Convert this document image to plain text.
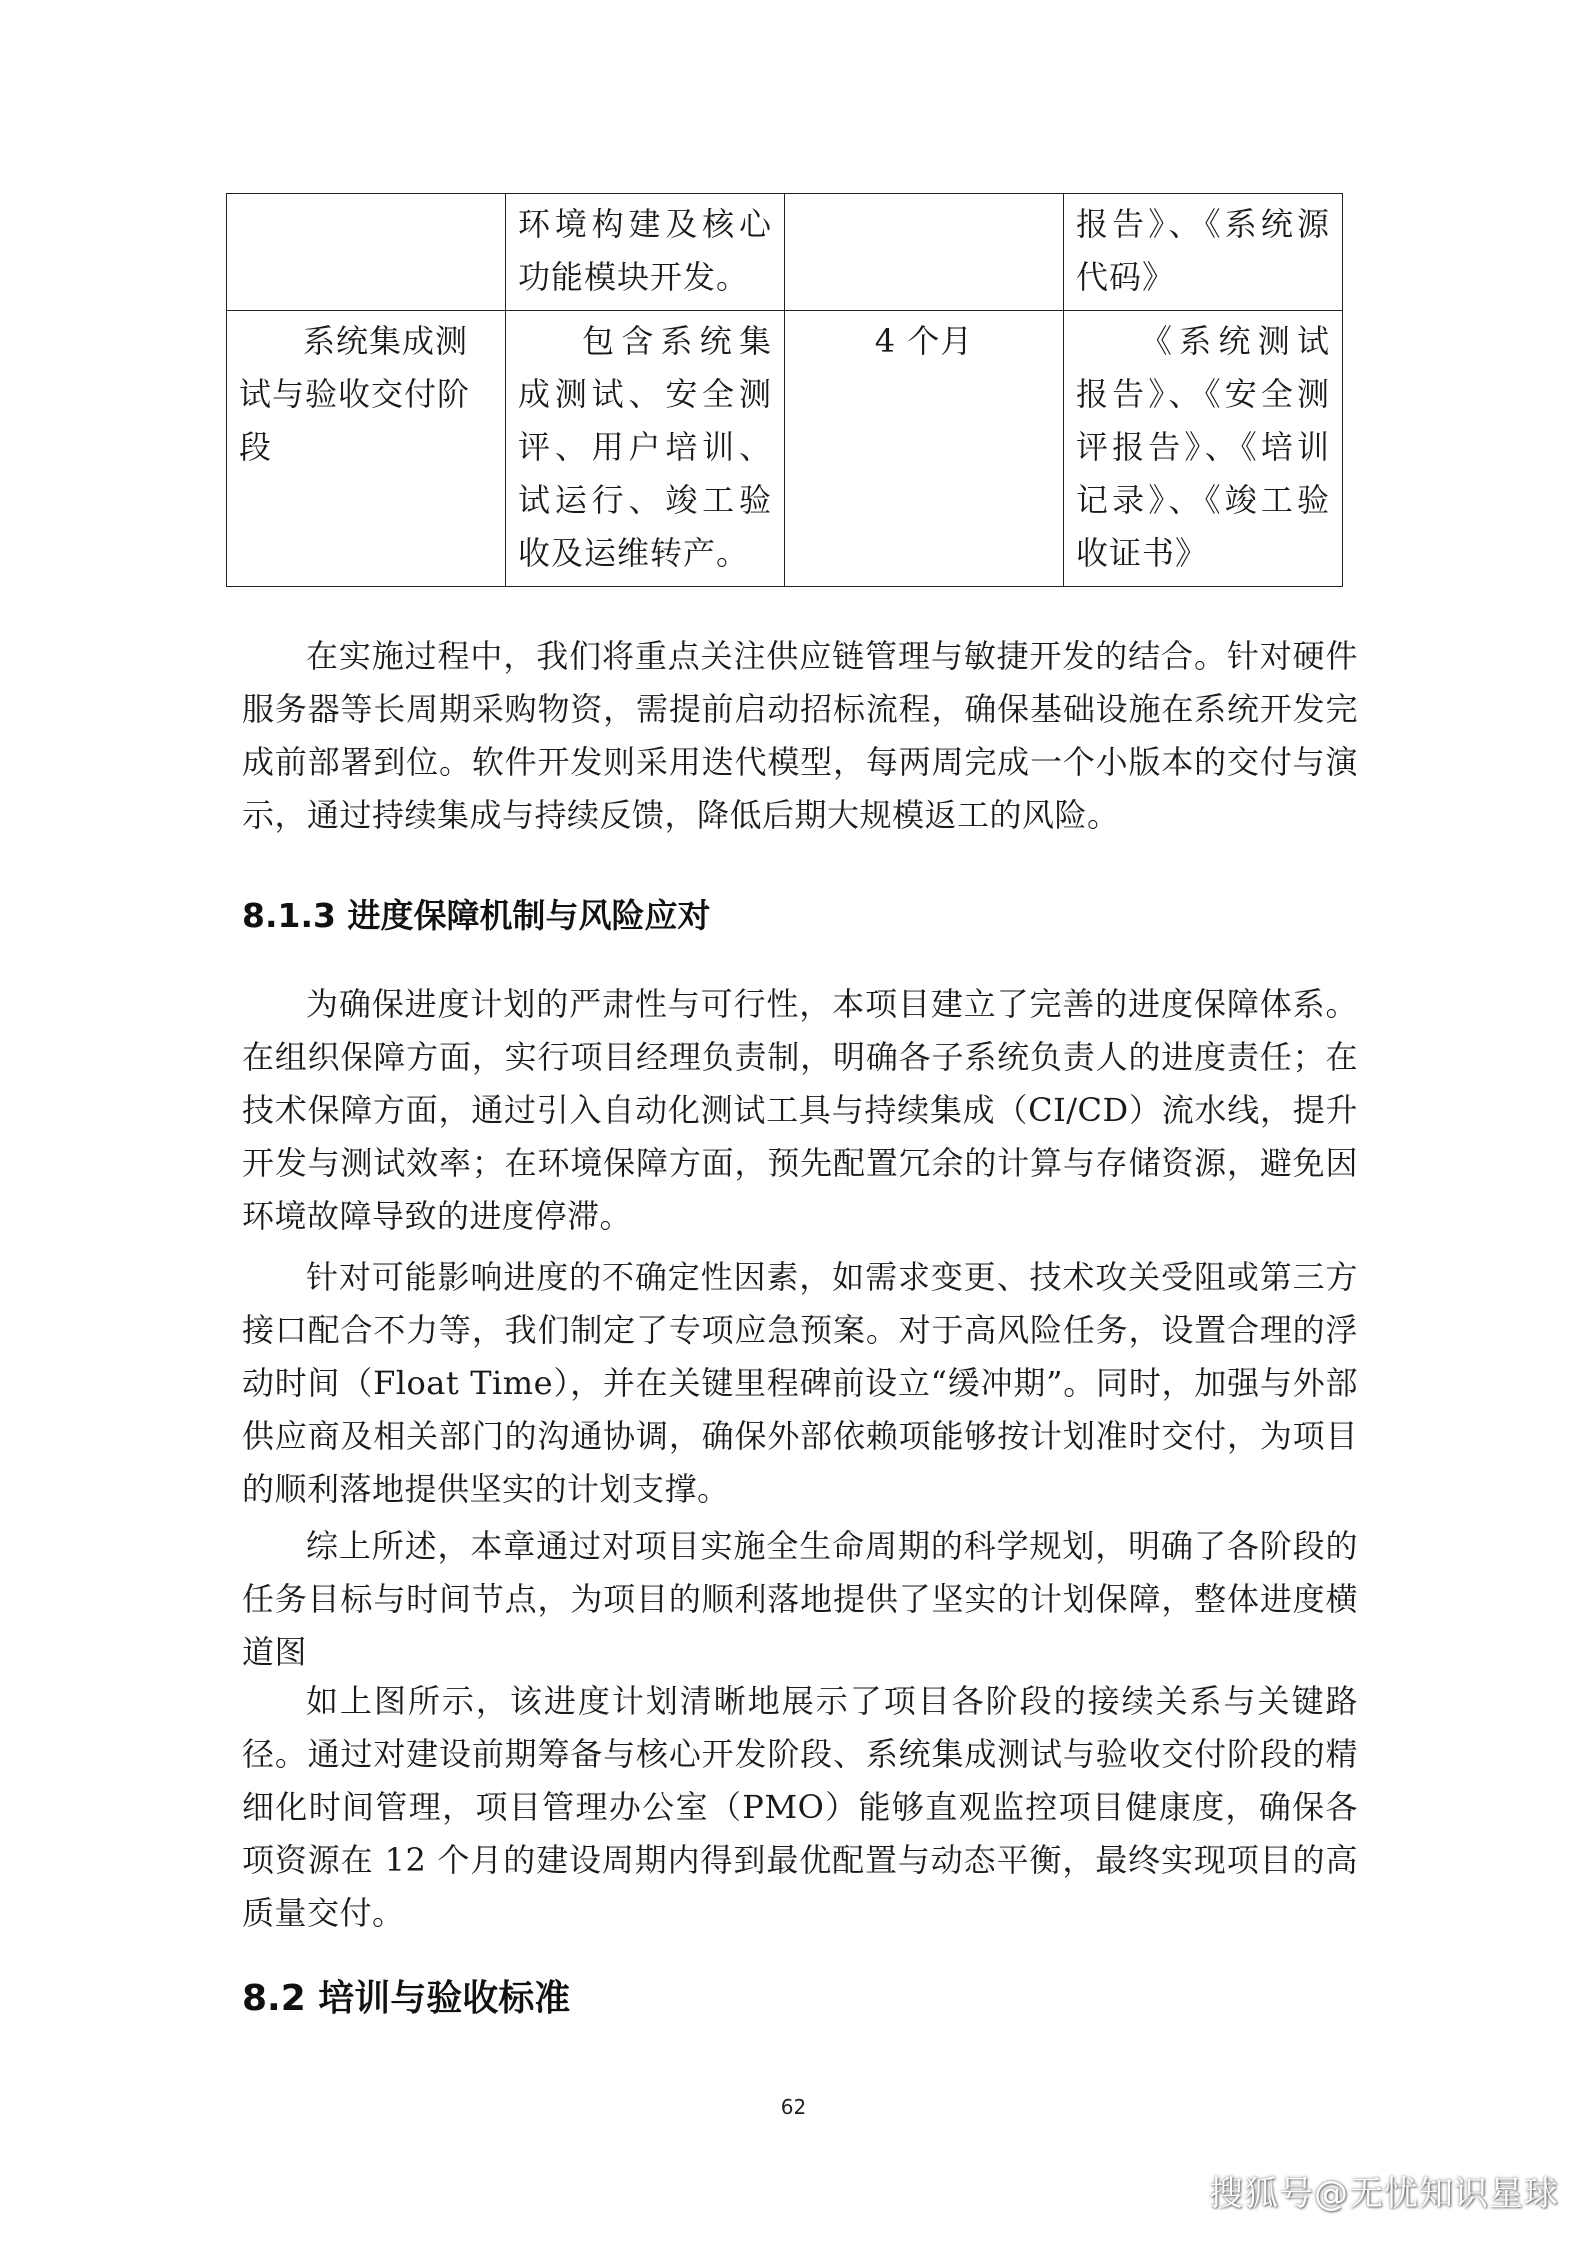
	环境构建及核心功能模块开发。		报告》、《系统源代码》
系统集成测试与验收交付阶段	包含系统集成测试、安全测评、用户培训、试运行、竣工验收及运维转产。	4 个月	《系统测试报告》、《安全测评报告》、《培训记录》、《竣工验收证书》

在实施过程中，我们将重点关注供应链管理与敏捷开发的结合。针对硬件服务器等长周期采购物资，需提前启动招标流程，确保基础设施在系统开发完成前部署到位。软件开发则采用迭代模型，每两周完成一个小版本的交付与演示，通过持续集成与持续反馈，降低后期大规模返工的风险。

8.1.3 进度保障机制与风险应对

为确保进度计划的严肃性与可行性，本项目建立了完善的进度保障体系。在组织保障方面，实行项目经理负责制，明确各子系统负责人的进度责任；在技术保障方面，通过引入自动化测试工具与持续集成（CI/CD）流水线，提升开发与测试效率；在环境保障方面，预先配置冗余的计算与存储资源，避免因环境故障导致的进度停滞。

针对可能影响进度的不确定性因素，如需求变更、技术攻关受阻或第三方接口配合不力等，我们制定了专项应急预案。对于高风险任务，设置合理的浮动时间（Float Time），并在关键里程碑前设立“缓冲期”。同时，加强与外部供应商及相关部门的沟通协调，确保外部依赖项能够按计划准时交付，为项目的顺利落地提供坚实的计划支撑。

综上所述，本章通过对项目实施全生命周期的科学规划，明确了各阶段的任务目标与时间节点，为项目的顺利落地提供了坚实的计划保障，整体进度横道图

如上图所示，该进度计划清晰地展示了项目各阶段的接续关系与关键路径。通过对建设前期筹备与核心开发阶段、系统集成测试与验收交付阶段的精细化时间管理，项目管理办公室（PMO）能够直观监控项目健康度，确保各项资源在 12 个月的建设周期内得到最优配置与动态平衡，最终实现项目的高质量交付。

8.2 培训与验收标准
62
搜狐号@无忧知识星球
